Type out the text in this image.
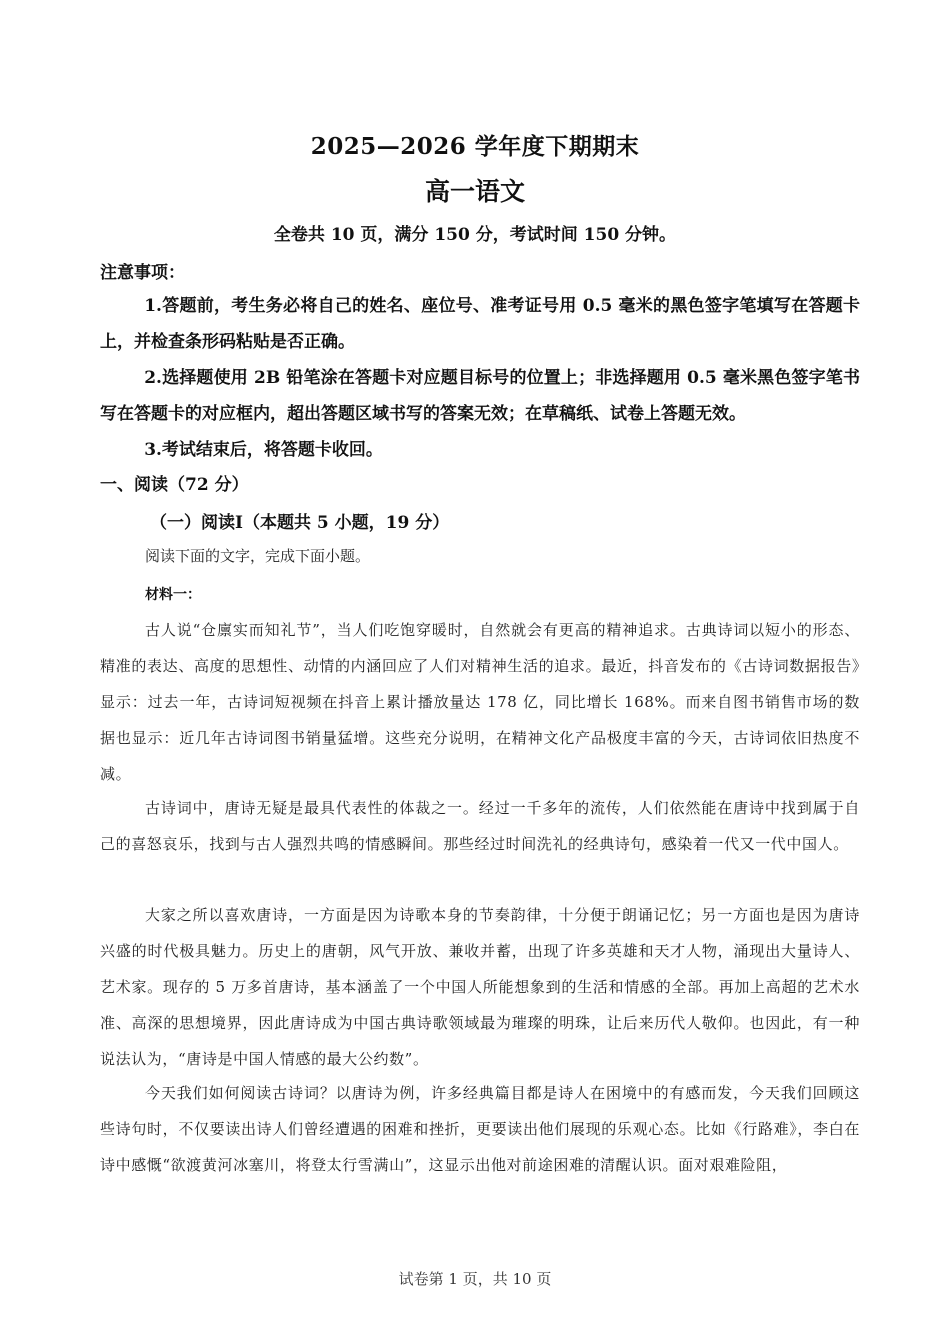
2025—2026 学年度下期期末
高一语文
全卷共 10 页，满分 150 分，考试时间 150 分钟。
注意事项：
1.答题前，考生务必将自己的姓名、座位号、准考证号用 0.5 毫米的黑色签字笔填写在答题卡上，并检查条形码粘贴是否正确。
2.选择题使用 2B 铅笔涂在答题卡对应题目标号的位置上；非选择题用 0.5 毫米黑色签字笔书写在答题卡的对应框内，超出答题区域书写的答案无效；在草稿纸、试卷上答题无效。
3.考试结束后，将答题卡收回。
一、阅读（72 分）
（一）阅读Ⅰ（本题共 5 小题，19 分）
阅读下面的文字，完成下面小题。
材料一：
古人说“仓廪实而知礼节”，当人们吃饱穿暖时，自然就会有更高的精神追求。古典诗词以短小的形态、精准的表达、高度的思想性、动情的内涵回应了人们对精神生活的追求。最近，抖音发布的《古诗词数据报告》显示：过去一年，古诗词短视频在抖音上累计播放量达 178 亿，同比增长 168%。而来自图书销售市场的数据也显示：近几年古诗词图书销量猛增。这些充分说明，在精神文化产品极度丰富的今天，古诗词依旧热度不减。
古诗词中，唐诗无疑是最具代表性的体裁之一。经过一千多年的流传，人们依然能在唐诗中找到属于自己的喜怒哀乐，找到与古人强烈共鸣的情感瞬间。那些经过时间洗礼的经典诗句，感染着一代又一代中国人。
大家之所以喜欢唐诗，一方面是因为诗歌本身的节奏韵律，十分便于朗诵记忆；另一方面也是因为唐诗兴盛的时代极具魅力。历史上的唐朝，风气开放、兼收并蓄，出现了许多英雄和天才人物，涌现出大量诗人、艺术家。现存的 5 万多首唐诗，基本涵盖了一个中国人所能想象到的生活和情感的全部。再加上高超的艺术水准、高深的思想境界，因此唐诗成为中国古典诗歌领域最为璀璨的明珠，让后来历代人敬仰。也因此，有一种说法认为，“唐诗是中国人情感的最大公约数”。
今天我们如何阅读古诗词？以唐诗为例，许多经典篇目都是诗人在困境中的有感而发，今天我们回顾这些诗句时，不仅要读出诗人们曾经遭遇的困难和挫折，更要读出他们展现的乐观心态。比如《行路难》，李白在诗中感慨“欲渡黄河冰塞川，将登太行雪满山”，这显示出他对前途困难的清醒认识。面对艰难险阻，
试卷第 1 页，共 10 页
